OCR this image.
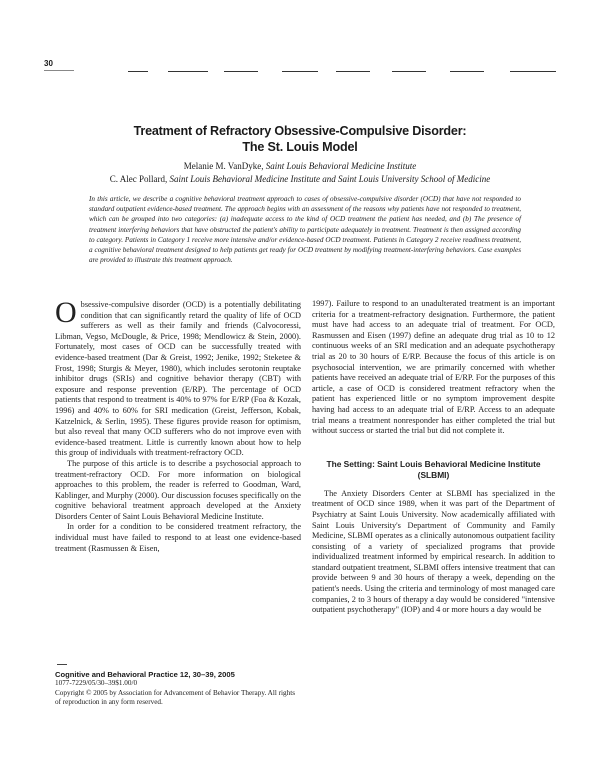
30
Treatment of Refractory Obsessive-Compulsive Disorder:
The St. Louis Model
Melanie M. VanDyke, Saint Louis Behavioral Medicine Institute
C. Alec Pollard, Saint Louis Behavioral Medicine Institute and Saint Louis University School of Medicine
In this article, we describe a cognitive behavioral treatment approach to cases of obsessive-compulsive disorder (OCD) that have not responded to standard outpatient evidence-based treatment. The approach begins with an assessment of the reasons why patients have not responded to treatment, which can be grouped into two categories: (a) inadequate access to the kind of OCD treatment the patient has needed, and (b) The presence of treatment interfering behaviors that have obstructed the patient's ability to participate adequately in treatment. Treatment is then assigned according to category. Patients in Category 1 receive more intensive and/or evidence-based OCD treatment. Patients in Category 2 receive readiness treatment, a cognitive behavioral treatment designed to help patients get ready for OCD treatment by modifying treatment-interfering behaviors. Case examples are provided to illustrate this treatment approach.

O bsessive-compulsive disorder (OCD) is a potentially debilitating condition that can significantly retard the quality of life of OCD sufferers as well as their family and friends (Calvocoressi, Libman, Vegso, McDougle, & Price, 1998; Mendlowicz & Stein, 2000). Fortunately, most cases of OCD can be successfully treated with evidence-based treatment (Dar & Greist, 1992; Jenike, 1992; Steketee & Frost, 1998; Sturgis & Meyer, 1980), which includes serotonin reuptake inhibitor drugs (SRIs) and cognitive behavior therapy (CBT) with exposure and response prevention (E/RP). The percentage of OCD patients that respond to treatment is 40% to 97% for E/RP (Foa & Kozak, 1996) and 40% to 60% for SRI medication (Greist, Jefferson, Kobak, Katzelnick, & Serlin, 1995). These figures provide reason for optimism, but also reveal that many OCD sufferers who do not improve even with evidence-based treatment. Little is currently known about how to help this group of individuals with treatment-refractory OCD.

The purpose of this article is to describe a psychosocial approach to treatment-refractory OCD. For more information on biological approaches to this problem, the reader is referred to Goodman, Ward, Kablinger, and Murphy (2000). Our discussion focuses specifically on the cognitive behavioral treatment approach developed at the Anxiety Disorders Center of Saint Louis Behavioral Medicine Institute.

In order for a condition to be considered treatment refractory, the individual must have failed to respond to at least one evidence-based treatment (Rasmussen & Eisen,

1997). Failure to respond to an unadulterated treatment is an important criteria for a treatment-refractory designation. Furthermore, the patient must have had access to an adequate trial of treatment. For OCD, Rasmussen and Eisen (1997) define an adequate drug trial as 10 to 12 continuous weeks of an SRI medication and an adequate psychotherapy trial as 20 to 30 hours of E/RP. Because the focus of this article is on psychosocial intervention, we are primarily concerned with whether patients have received an adequate trial of E/RP. For the purposes of this article, a case of OCD is considered treatment refractory when the patient has experienced little or no symptom improvement despite having had access to an adequate trial of E/RP. Access to an adequate trial means a treatment nonresponder has either completed the trial but without success or started the trial but did not complete it.

The Setting: Saint Louis Behavioral Medicine Institute (SLBMI)

The Anxiety Disorders Center at SLBMI has specialized in the treatment of OCD since 1989, when it was part of the Department of Psychiatry at Saint Louis University. Now academically affiliated with Saint Louis University's Department of Community and Family Medicine, SLBMI operates as a clinically autonomous outpatient facility consisting of a variety of specialized programs that provide individualized treatment informed by empirical research. In addition to standard outpatient treatment, SLBMI offers intensive treatment that can provide between 9 and 30 hours of therapy a week, depending on the patient's needs. Using the criteria and terminology of most managed care companies, 2 to 3 hours of therapy a day would be considered "intensive outpatient psychotherapy" (IOP) and 4 or more hours a day would be

Cognitive and Behavioral Practice 12, 30–39, 2005
1077-7229/05/30–39$1.00/0
Copyright © 2005 by Association for Advancement of Behavior Therapy. All rights of reproduction in any form reserved.
